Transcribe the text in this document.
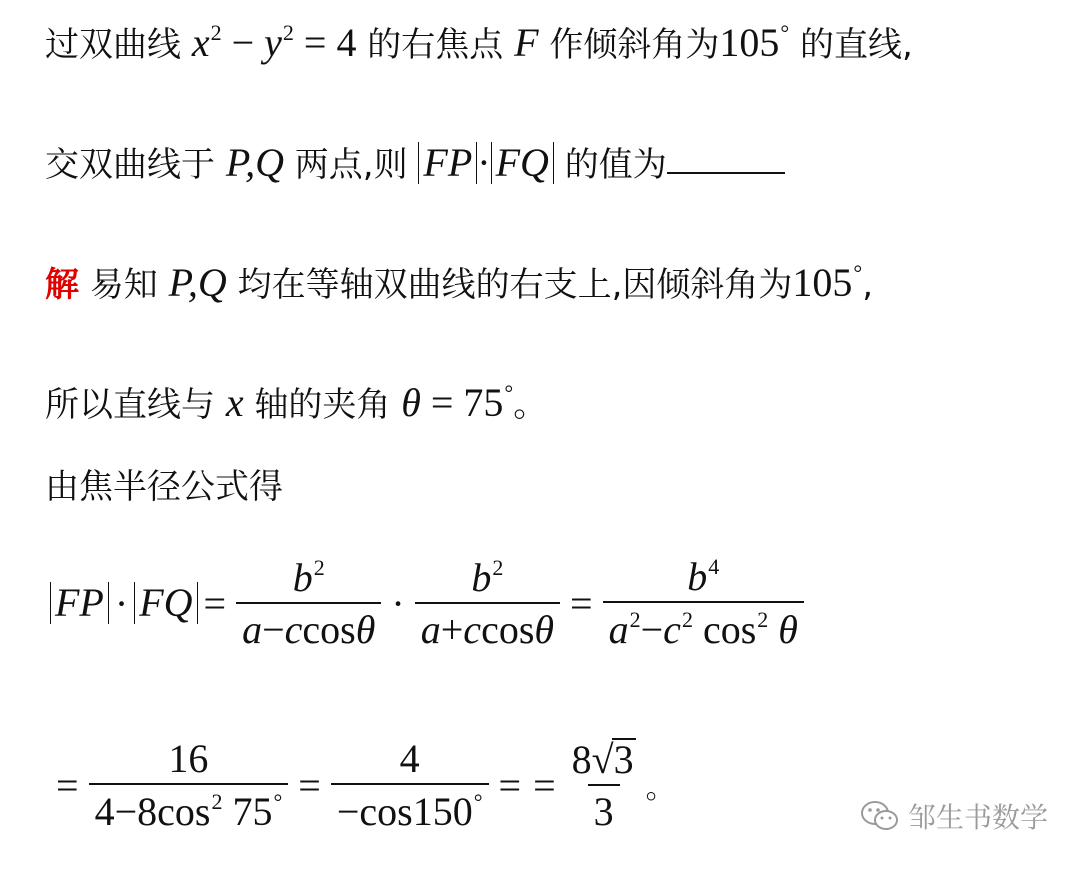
过双曲线 $x^2 - y^2 = 4$ 的右焦点 F 作倾斜角为105° 的直线,
交双曲线于 P,Q 两点,则 FP · FQ 的值为
解 易知 P,Q 均在等轴双曲线的右支上,因倾斜角为105°,
所以直线与 x 轴的夹角 θ = 75°。
由焦半径公式得
FP · FQ = $\frac{b^2}{a-ccos\theta} \cdot \frac{b^2}{a+ccos\theta} = \frac{b^4}{a^2-c^2 \cos^2 \theta}$
= $\frac{16}{4-8\cos^2 75^\circ} = \frac{4}{-\cos 150^\circ}$ = = $\frac{8√3}{3}$ 。
邹生书数学
